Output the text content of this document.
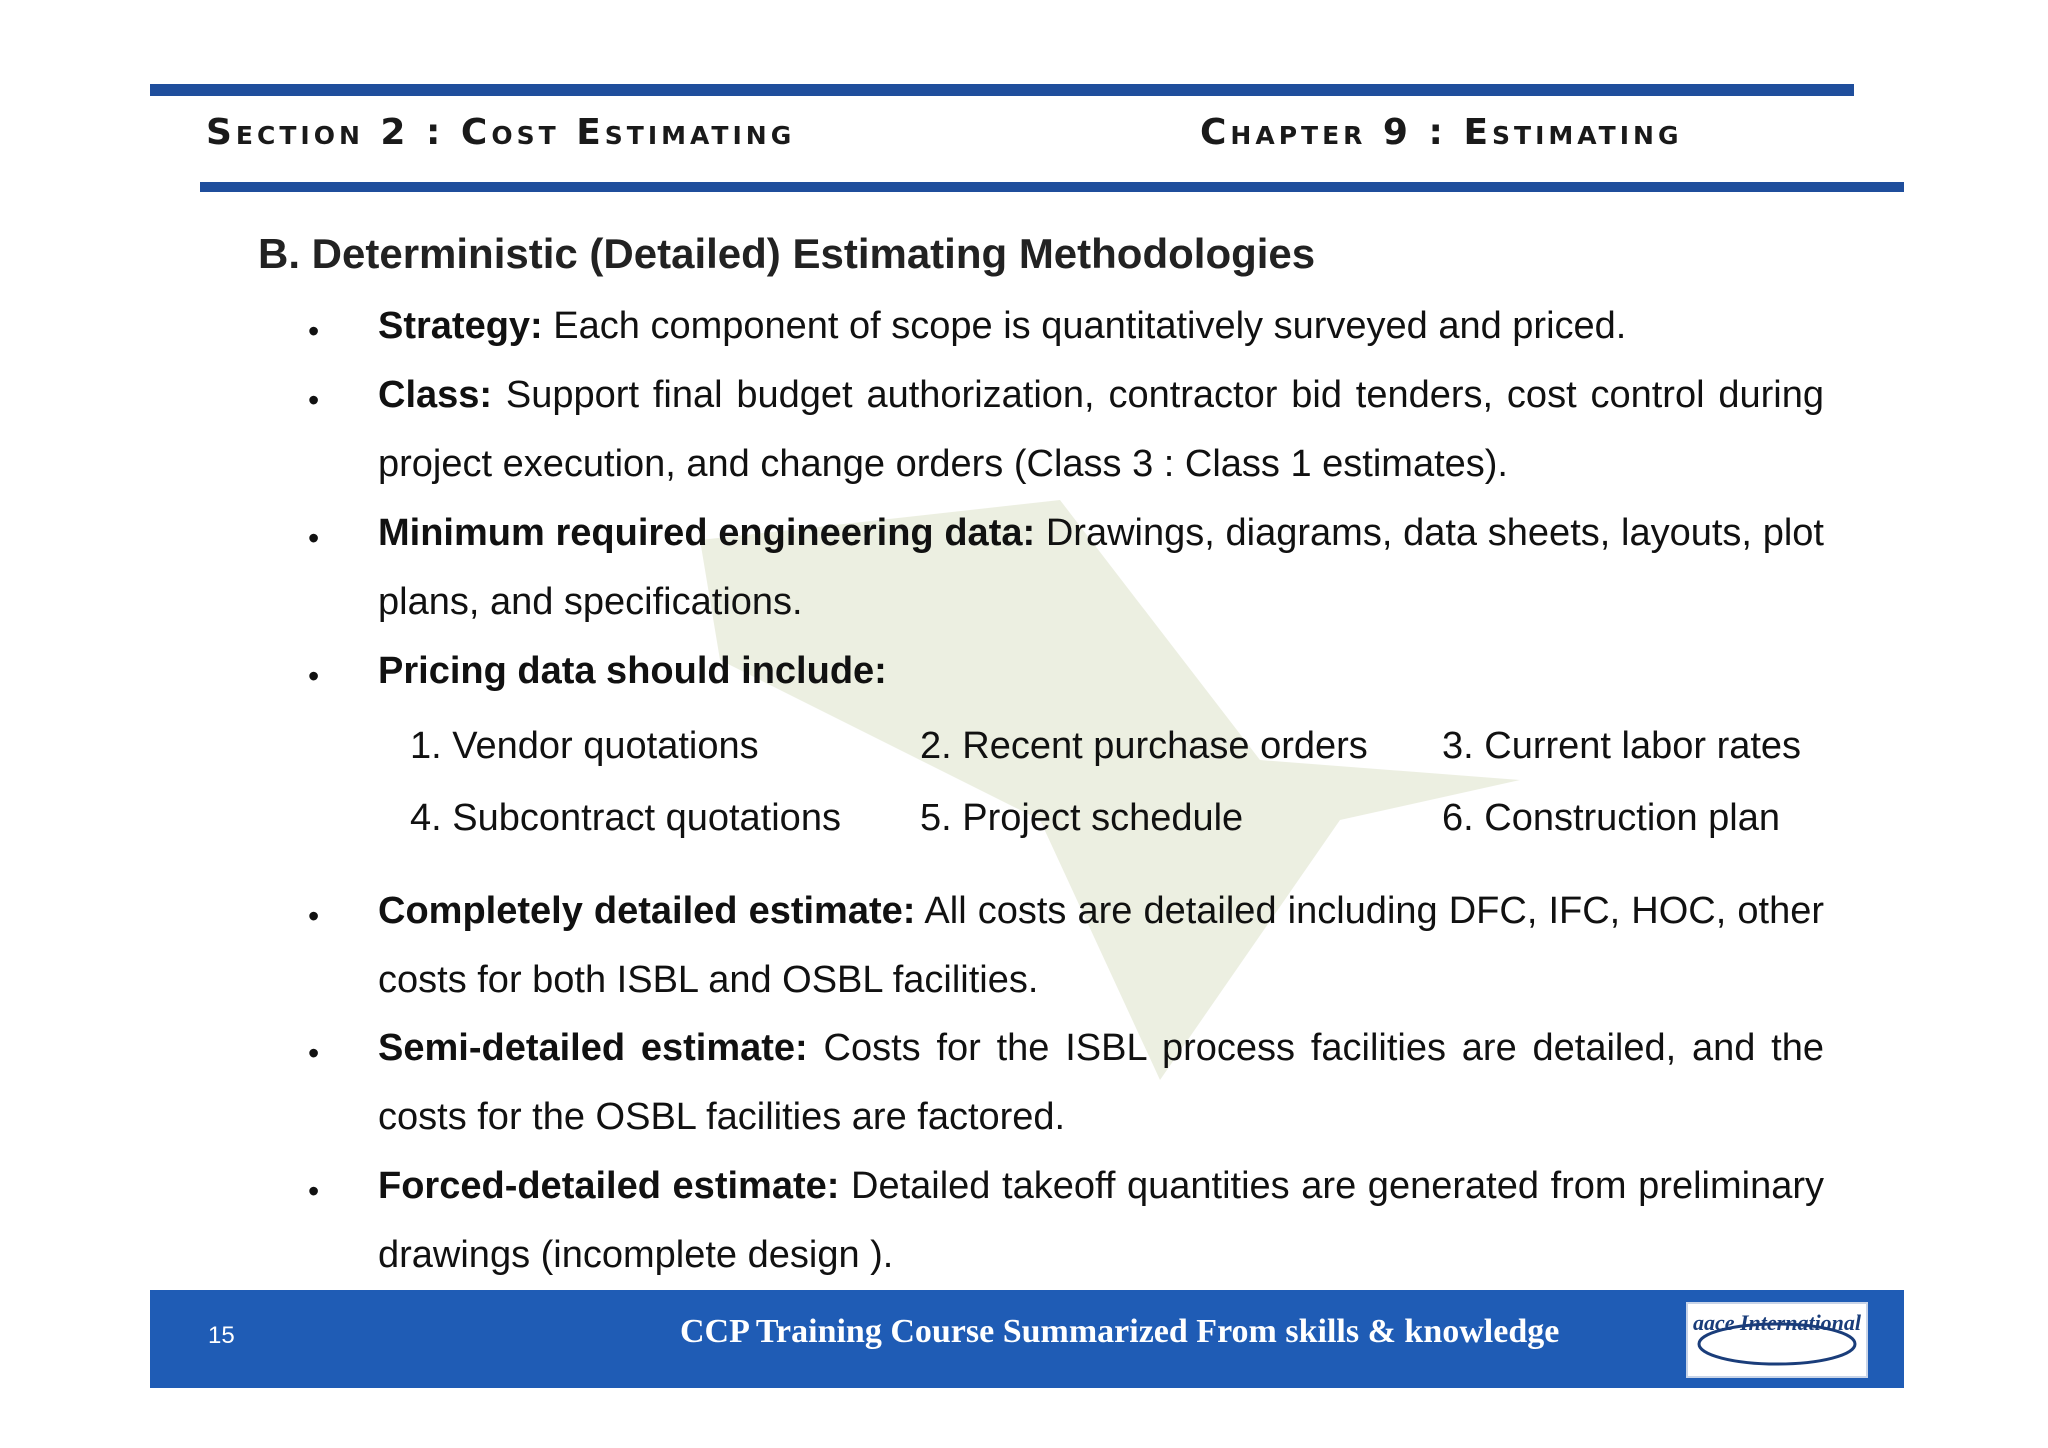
Section 2 : Cost Estimating	Chapter 9 : Estimating
B. Deterministic (Detailed) Estimating Methodologies
• Strategy: Each component of scope is quantitatively surveyed and priced.
• Class: Support final budget authorization, contractor bid tenders, cost control during project execution, and change orders (Class 3 : Class 1 estimates).
• Minimum required engineering data: Drawings, diagrams, data sheets, layouts, plot plans, and specifications.
• Pricing data should include:
1. Vendor quotations	2. Recent purchase orders 3. Current labor rates
4. Subcontract quotations 5. Project schedule	6. Construction plan
• Completely detailed estimate: All costs are detailed including DFC, IFC, HOC, other costs for both ISBL and OSBL facilities.
• Semi-detailed estimate: Costs for the ISBL process facilities are detailed, and the costs for the OSBL facilities are factored.
• Forced-detailed estimate: Detailed takeoff quantities are generated from preliminary drawings (incomplete design ).
15	CCP Training Course Summarized From skills & knowledge	aace International
